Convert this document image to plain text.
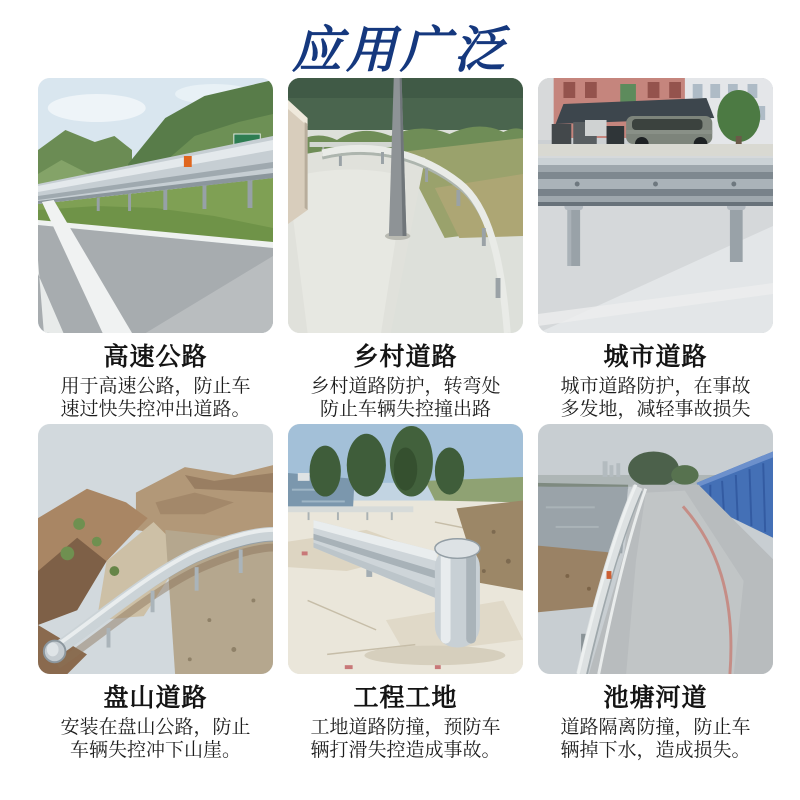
应用广泛
高速公路
用于高速公路，防止车
速过快失控冲出道路。
乡村道路
乡村道路防护，转弯处
防止车辆失控撞出路
城市道路
城市道路防护，在事故
多发地，减轻事故损失
盘山道路
安装在盘山公路，防止
车辆失控冲下山崖。
工程工地
工地道路防撞，预防车
辆打滑失控造成事故。
池塘河道
道路隔离防撞，防止车
辆掉下水，造成损失。
